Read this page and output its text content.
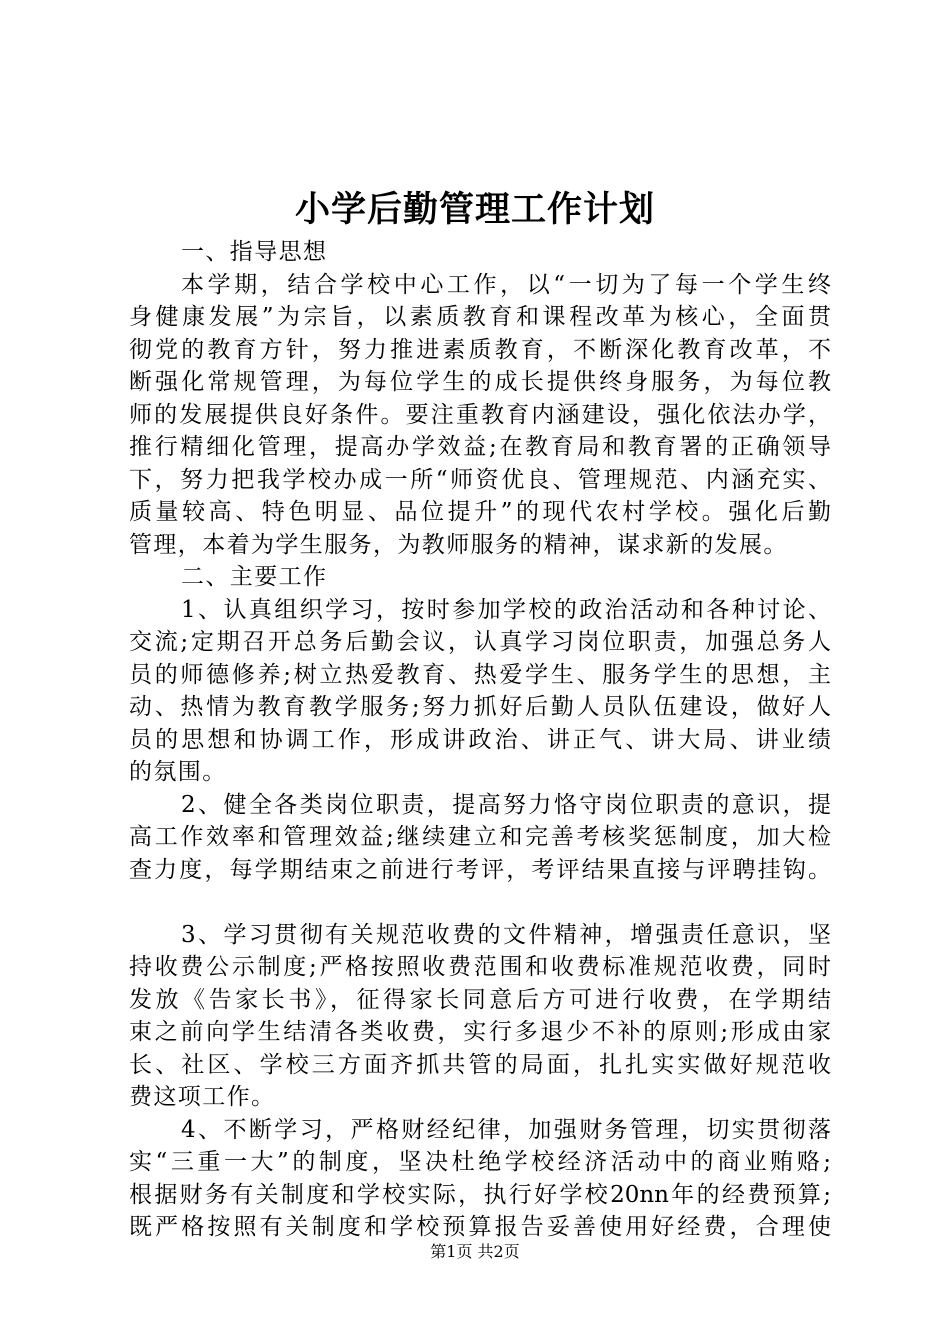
小学后勤管理工作计划
一、指导思想
本学期，结合学校中心工作，以“一切为了每一个学生终
身健康发展”为宗旨，以素质教育和课程改革为核心，全面贯
彻党的教育方针，努力推进素质教育，不断深化教育改革，不
断强化常规管理，为每位学生的成长提供终身服务，为每位教
师的发展提供良好条件。要注重教育内涵建设，强化依法办学，
推行精细化管理，提高办学效益;在教育局和教育署的正确领导
下，努力把我学校办成一所“师资优良、管理规范、内涵充实、
质量较高、特色明显、品位提升”的现代农村学校。强化后勤
管理，本着为学生服务，为教师服务的精神，谋求新的发展。
二、主要工作
1、认真组织学习，按时参加学校的政治活动和各种讨论、
交流;定期召开总务后勤会议，认真学习岗位职责，加强总务人
员的师德修养;树立热爱教育、热爱学生、服务学生的思想，主
动、热情为教育教学服务;努力抓好后勤人员队伍建设，做好人
员的思想和协调工作，形成讲政治、讲正气、讲大局、讲业绩
的氛围。
2、健全各类岗位职责，提高努力恪守岗位职责的意识，提
高工作效率和管理效益;继续建立和完善考核奖惩制度，加大检
查力度，每学期结束之前进行考评，考评结果直接与评聘挂钩。
3、学习贯彻有关规范收费的文件精神，增强责任意识，坚
持收费公示制度;严格按照收费范围和收费标准规范收费，同时
发放《告家长书》，征得家长同意后方可进行收费，在学期结
束之前向学生结清各类收费，实行多退少不补的原则;形成由家
长、社区、学校三方面齐抓共管的局面，扎扎实实做好规范收
费这项工作。
4、不断学习，严格财经纪律，加强财务管理，切实贯彻落
实“三重一大”的制度，坚决杜绝学校经济活动中的商业贿赂;
根据财务有关制度和学校实际，执行好学校20nn年的经费预算;
既严格按照有关制度和学校预算报告妥善使用好经费，合理使
第1页 共2页
